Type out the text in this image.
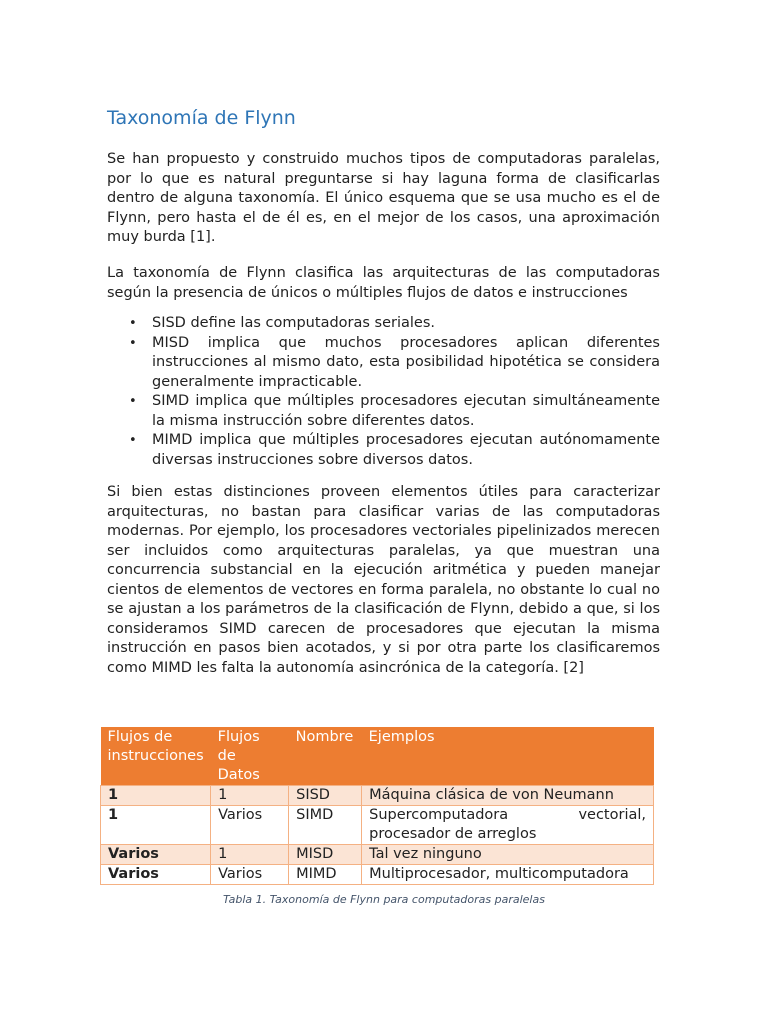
Taxonomía de Flynn

Se han propuesto y construido muchos tipos de computadoras paralelas, por lo que es natural preguntarse si hay laguna forma de clasificarlas dentro de alguna taxonomía. El único esquema que se usa mucho es el de Flynn, pero hasta el de él es, en el mejor de los casos, una aproximación muy burda [1].

La taxonomía de Flynn clasifica las arquitecturas de las computadoras según la presencia de únicos o múltiples flujos de datos e instrucciones

• SISD define las computadoras seriales.
• MISD implica que muchos procesadores aplican diferentes instrucciones al mismo dato, esta posibilidad hipotética se considera generalmente impracticable.
• SIMD implica que múltiples procesadores ejecutan simultáneamente la misma instrucción sobre diferentes datos.
• MIMD implica que múltiples procesadores ejecutan autónomamente diversas instrucciones sobre diversos datos.

Si bien estas distinciones proveen elementos útiles para caracterizar arquitecturas, no bastan para clasificar varias de las computadoras modernas. Por ejemplo, los procesadores vectoriales pipelinizados merecen ser incluidos como arquitecturas paralelas, ya que muestran una concurrencia substancial en la ejecución aritmética y pueden manejar cientos de elementos de vectores en forma paralela, no obstante lo cual no se ajustan a los parámetros de la clasificación de Flynn, debido a que, si los consideramos SIMD carecen de procesadores que ejecutan la misma instrucción en pasos bien acotados, y si por otra parte los clasificaremos como MIMD les falta la autonomía asincrónica de la categoría. [2]

Flujos de instrucciones	Flujos de Datos	Nombre	Ejemplos
1	1	SISD	Máquina clásica de von Neumann
1	Varios	SIMD	Supercomputadora vectorial, procesador de arreglos
Varios	1	MISD	Tal vez ninguno
Varios	Varios	MIMD	Multiprocesador, multicomputadora
Tabla 1. Taxonomía de Flynn para computadoras paralelas
